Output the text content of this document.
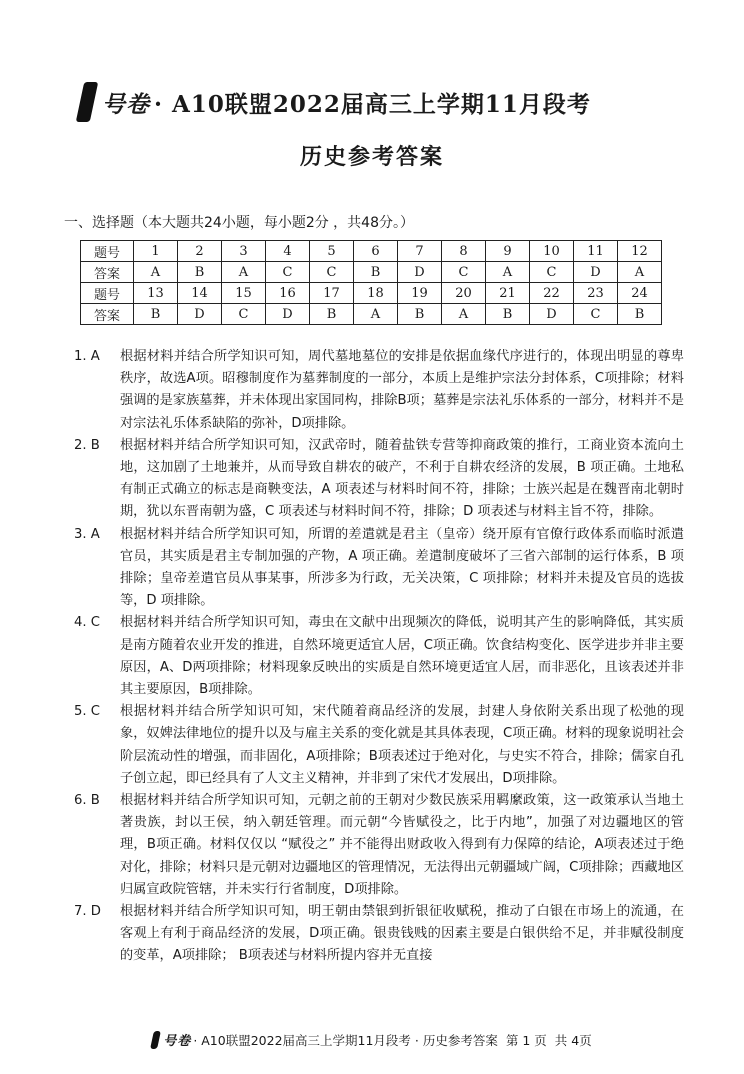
号卷 · A10联盟2022届高三上学期11月段考
历史参考答案
一、选择题（本大题共24小题，每小题2分 ，共48分。）
题号	1	2	3	4	5	6	7	8	9	10	11	12
答案	A	B	A	C	C	B	D	C	A	C	D	A
题号	13	14	15	16	17	18	19	20	21	22	23	24
答案	B	D	C	D	B	A	B	A	B	D	C	B
1. A	根据材料并结合所学知识可知，周代墓地墓位的安排是依据血缘代序进行的，体现出明显的尊卑秩序，故选A项。昭穆制度作为墓葬制度的一部分，本质上是维护宗法分封体系，C项排除；材料强调的是家族墓葬，并未体现出家国同构，排除B项；墓葬是宗法礼乐体系的一部分，材料并不是对宗法礼乐体系缺陷的弥补，D项排除。
2. B	根据材料并结合所学知识可知，汉武帝时，随着盐铁专营等抑商政策的推行，工商业资本流向土地，这加剧了土地兼并，从而导致自耕农的破产，不利于自耕农经济的发展，B 项正确。土地私有制正式确立的标志是商鞅变法，A 项表述与材料时间不符，排除；士族兴起是在魏晋南北朝时期，犹以东晋南朝为盛，C 项表述与材料时间不符，排除；D 项表述与材料主旨不符，排除。
3. A	根据材料并结合所学知识可知，所谓的差遣就是君主（皇帝）绕开原有官僚行政体系而临时派遣官员，其实质是君主专制加强的产物，A 项正确。差遣制度破坏了三省六部制的运行体系，B 项排除；皇帝差遣官员从事某事，所涉多为行政，无关决策，C 项排除；材料并未提及官员的选拔等，D 项排除。
4. C	根据材料并结合所学知识可知，毒虫在文献中出现频次的降低，说明其产生的影响降低，其实质是南方随着农业开发的推进，自然环境更适宜人居，C项正确。饮食结构变化、医学进步并非主要原因，A、D两项排除；材料现象反映出的实质是自然环境更适宜人居，而非恶化，且该表述并非其主要原因，B项排除。
5. C	根据材料并结合所学知识可知，宋代随着商品经济的发展，封建人身依附关系出现了松弛的现象，奴婢法律地位的提升以及与雇主关系的变化就是其具体表现，C项正确。材料的现象说明社会阶层流动性的增强，而非固化，A项排除；B项表述过于绝对化，与史实不符合，排除；儒家自孔子创立起，即已经具有了人文主义精神，并非到了宋代才发展出，D项排除。
6. B	根据材料并结合所学知识可知，元朝之前的王朝对少数民族采用羁縻政策，这一政策承认当地土著贵族，封以王侯，纳入朝廷管理。而元朝“今皆赋役之，比于内地”，加强了对边疆地区的管理，B项正确。材料仅仅以 “赋役之” 并不能得出财政收入得到有力保障的结论，A项表述过于绝对化，排除；材料只是元朝对边疆地区的管理情况，无法得出元朝疆域广阔，C项排除；西藏地区归属宣政院管辖，并未实行行省制度，D项排除。
7. D	根据材料并结合所学知识可知，明王朝由禁银到折银征收赋税，推动了白银在市场上的流通，在客观上有利于商品经济的发展，D项正确。银贵钱贱的因素主要是白银供给不足，并非赋役制度的变革，A项排除； B项表述与材料所提内容并无直接
号卷 · A10联盟2022届高三上学期11月段考 · 历史参考答案 第 1 页 共 4页
